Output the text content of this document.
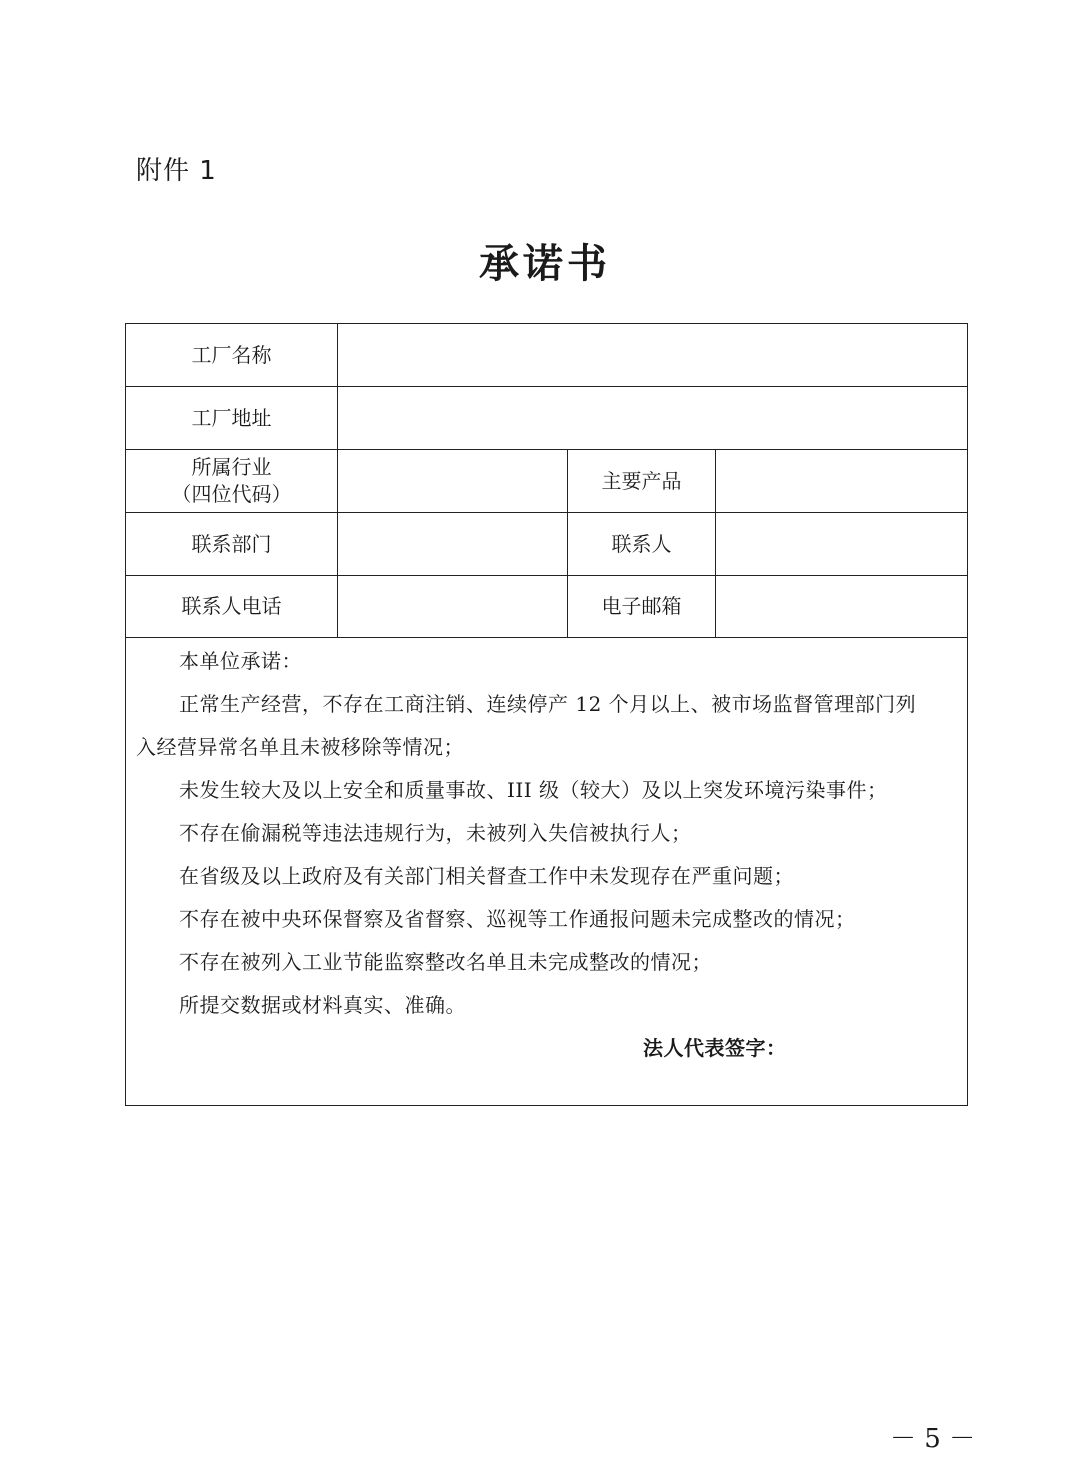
附件 1
承诺书
工厂名称
工厂地址
所属行业
（四位代码）
主要产品
联系部门	联系人
联系人电话	电子邮箱
本单位承诺：
正常生产经营，不存在工商注销、连续停产 12 个月以上、被市场监督管理部门列
入经营异常名单且未被移除等情况；
未发生较大及以上安全和质量事故、III 级（较大）及以上突发环境污染事件；
不存在偷漏税等违法违规行为，未被列入失信被执行人；
在省级及以上政府及有关部门相关督查工作中未发现存在严重问题；
不存在被中央环保督察及省督察、巡视等工作通报问题未完成整改的情况；
不存在被列入工业节能监察整改名单且未完成整改的情况；
所提交数据或材料真实、准确。
法人代表签字：
－ 5 －
